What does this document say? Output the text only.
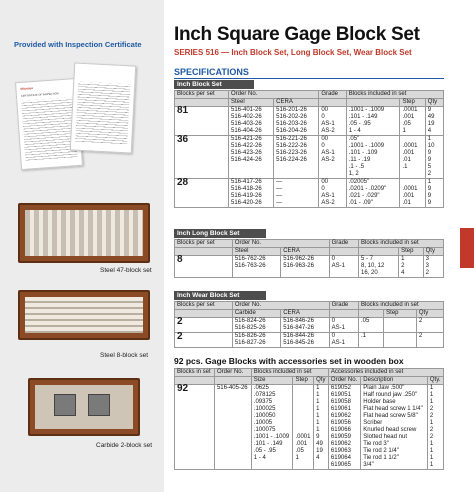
Provided with Inspection Certificate
Mitutoyo
CERTIFICATE OF INSPECTION
Steel 47-block set
Steel 8-block set
Carbide 2-block set
Inch Square Gage Block Set
SERIES 516 — Inch Block Set, Long Block Set, Wear Block Set
SPECIFICATIONS
Inch Block Set
Blocks per set	Order No.		Grade	Blocks included in set		
	Steel	CERA			Step	Qty
81	516-401-26	516-201-26	00	.1001 - .1009	.0001	9
	516-402-26	516-202-26	0	.101 - .149	.001	49
	516-403-26	516-203-26	AS-1	.05 - .95	.05	19
	516-404-26	516-204-26	AS-2	1 - 4	1	4
36	516-421-26	516-221-26	00	.05"		1
	516-422-26	516-222-26	0	.1001 - .1009	.0001	10
	516-423-26	516-223-26	AS-1	.101 - .109	.001	9
	516-424-26	516-224-26	AS-2	.11 - .19	.01	9
				.1 - .5	.1	5
				1, 2		2
28	516-417-26	—	00	.02005"		1
	516-418-26	—	0	.0201 - .0209"	.0001	9
	516-419-26	—	AS-1	.021 - .029"	.001	9
	516-420-26	—	AS-2	.01 - .09"	.01	9
Inch Long Block Set
Blocks per set	Order No.		Grade	Blocks included in set		
	Steel	CERA			Step	Qty
8	516-762-26	516-962-26	0	5 - 7	1	3
	516-763-26	516-963-26	AS-1	8, 10, 12	2	3
				16, 20	4	2
Inch Wear Block Set
Blocks per set	Order No.		Grade	Blocks included in set		
	Carbide	CERA			Step	Qty
2	516-824-26	516-846-26	0	.05		2
	516-825-26	516-847-26	AS-1			
2	516-826-26	516-844-26	0	.1		2
	516-827-26	516-845-26	AS-1			
92 pcs. Gage Blocks with accessories set in wooden box
Blocks in set	Order No.	Blocks included in set			Accessories included in set		
		Size	Step	Qty	Order No.	Description	Qty.
92	516-405-26	.0625		1	619052	Plain Jaw .500"	1
		.078125		1	619051	Half round jaw .250"	1
		.09375		1	619058	Holder base	1
		.100025		1	619061	Flat head screw 1 1/4"	2
		.100050		1	619062	Flat head screw 5/8"	2
		.10005		1	619056	Scriber	1
		.100075		1	619066	Knurled head screw	2
		.1001 - .1009	.0001	9	619059	Slotted head nut	2
		.101 - .149	.001	49	619062	Tie rod 3"	1
		.05 - .95	.05	19	619063	Tie rod 2 1/4"	1
		1 - 4	1	4	619064	Tie rod 1 1/2"	1
					619065	3/4"	1
